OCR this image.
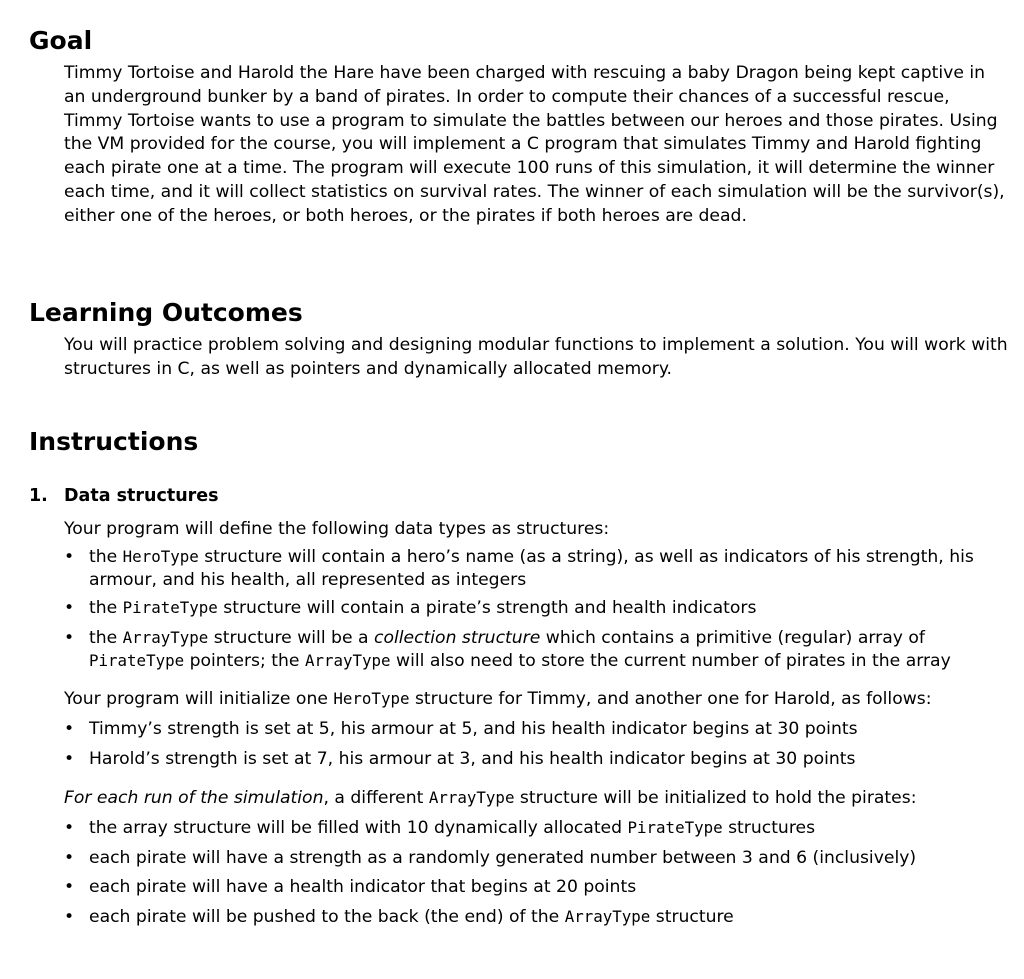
Goal

Timmy Tortoise and Harold the Hare have been charged with rescuing a baby Dragon being kept captive in an underground bunker by a band of pirates. In order to compute their chances of a successful rescue, Timmy Tortoise wants to use a program to simulate the battles between our heroes and those pirates. Using the VM provided for the course, you will implement a C program that simulates Timmy and Harold fighting each pirate one at a time. The program will execute 100 runs of this simulation, it will determine the winner each time, and it will collect statistics on survival rates. The winner of each simulation will be the survivor(s), either one of the heroes, or both heroes, or the pirates if both heroes are dead.

Learning Outcomes

You will practice problem solving and designing modular functions to implement a solution. You will work with structures in C, as well as pointers and dynamically allocated memory.

Instructions
1. Data structures

Your program will define the following data types as structures:

• the HeroType structure will contain a hero’s name (as a string), as well as indicators of his strength, his armour, and his health, all represented as integers
• the PirateType structure will contain a pirate’s strength and health indicators
• the ArrayType structure will be a collection structure which contains a primitive (regular) array of PirateType pointers; the ArrayType will also need to store the current number of pirates in the array

Your program will initialize one HeroType structure for Timmy, and another one for Harold, as follows:

• Timmy’s strength is set at 5, his armour at 5, and his health indicator begins at 30 points
• Harold’s strength is set at 7, his armour at 3, and his health indicator begins at 30 points

For each run of the simulation, a different ArrayType structure will be initialized to hold the pirates:

• the array structure will be filled with 10 dynamically allocated PirateType structures
• each pirate will have a strength as a randomly generated number between 3 and 6 (inclusively)
• each pirate will have a health indicator that begins at 20 points
• each pirate will be pushed to the back (the end) of the ArrayType structure
